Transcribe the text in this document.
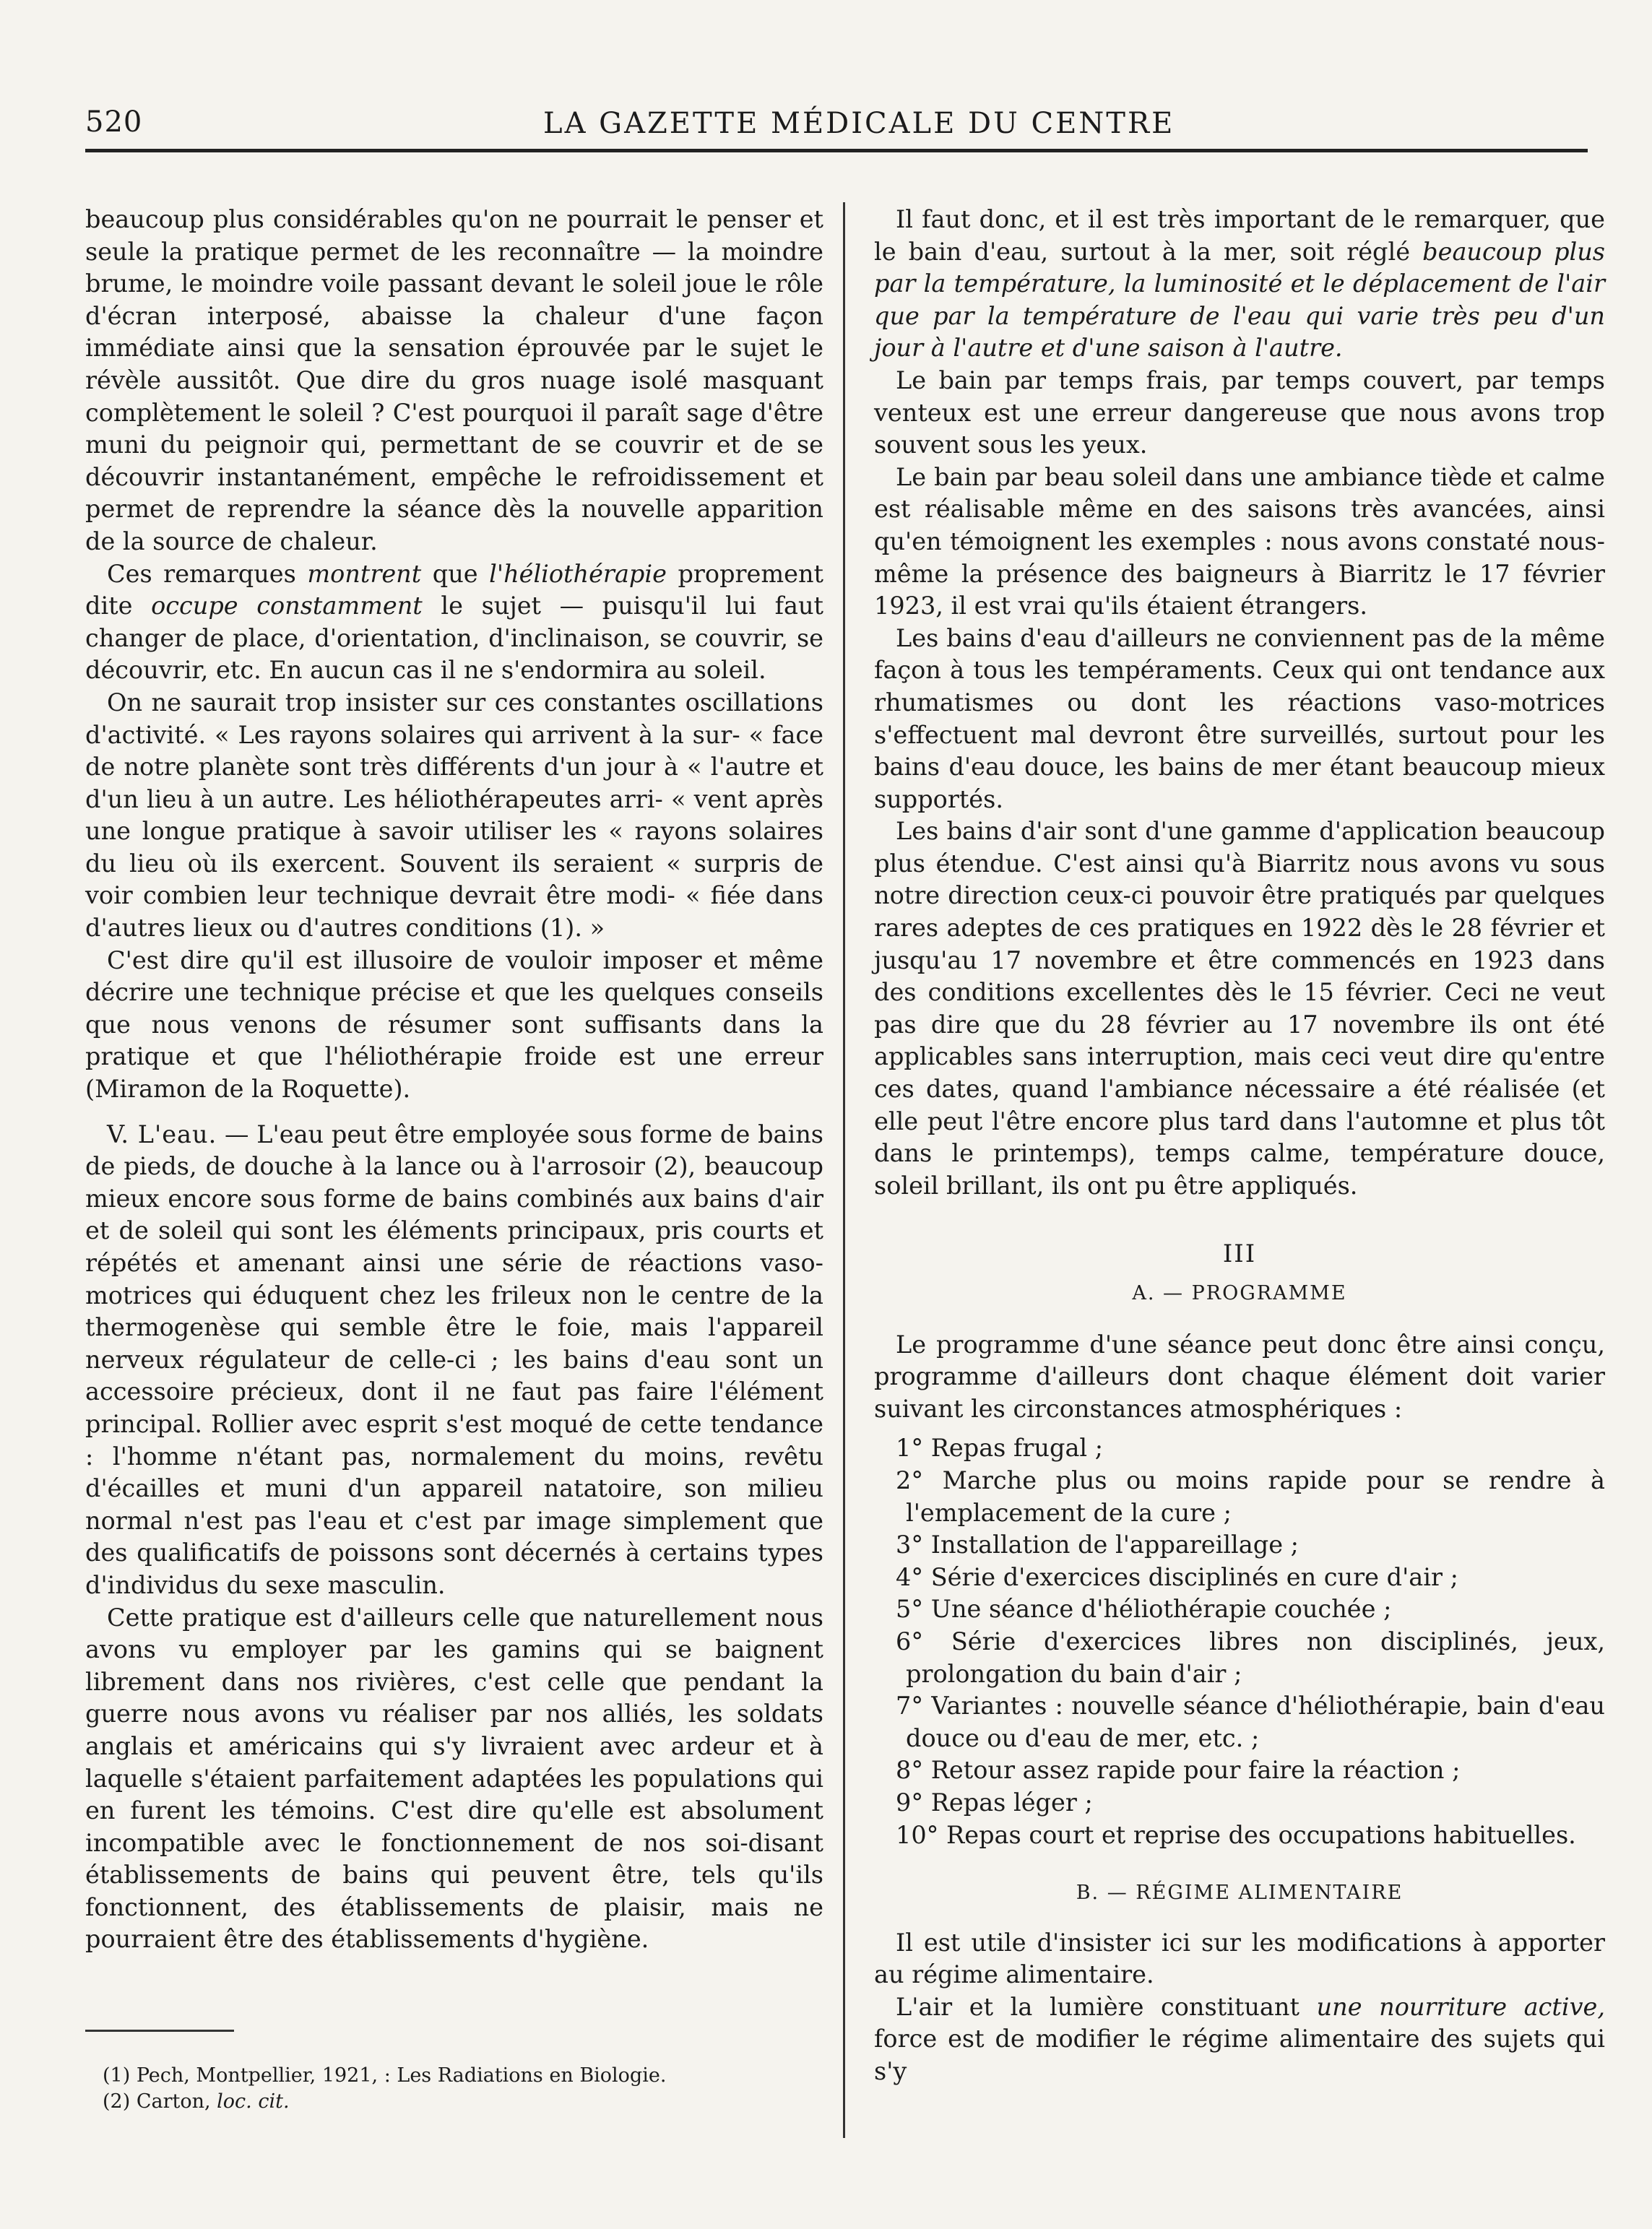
520	LA GAZETTE MÉDICALE DU CENTRE

beaucoup plus considérables qu'on ne pourrait le penser et seule la pratique permet de les reconnaître — la moindre brume, le moindre voile passant devant le soleil joue le rôle d'écran interposé, abaisse la chaleur d'une façon immédiate ainsi que la sensation éprouvée par le sujet le révèle aussitôt. Que dire du gros nuage isolé masquant complètement le soleil ? C'est pourquoi il paraît sage d'être muni du peignoir qui, permettant de se couvrir et de se découvrir instantanément, empêche le refroidissement et permet de reprendre la séance dès la nouvelle apparition de la source de chaleur.

Ces remarques montrent que l'héliothérapie proprement dite occupe constamment le sujet — puisqu'il lui faut changer de place, d'orientation, d'inclinaison, se couvrir, se découvrir, etc. En aucun cas il ne s'endormira au soleil.

On ne saurait trop insister sur ces constantes oscillations d'activité. « Les rayons solaires qui arrivent à la sur- « face de notre planète sont très différents d'un jour à « l'autre et d'un lieu à un autre. Les héliothérapeutes arri- « vent après une longue pratique à savoir utiliser les « rayons solaires du lieu où ils exercent. Souvent ils seraient « surpris de voir combien leur technique devrait être modi- « fiée dans d'autres lieux ou d'autres conditions (1). »

C'est dire qu'il est illusoire de vouloir imposer et même décrire une technique précise et que les quelques conseils que nous venons de résumer sont suffisants dans la pratique et que l'héliothérapie froide est une erreur (Miramon de la Roquette).

V. L'eau. — L'eau peut être employée sous forme de bains de pieds, de douche à la lance ou à l'arrosoir (2), beaucoup mieux encore sous forme de bains combinés aux bains d'air et de soleil qui sont les éléments principaux, pris courts et répétés et amenant ainsi une série de réactions vaso-motrices qui éduquent chez les frileux non le centre de la thermogenèse qui semble être le foie, mais l'appareil nerveux régulateur de celle-ci ; les bains d'eau sont un accessoire précieux, dont il ne faut pas faire l'élément principal. Rollier avec esprit s'est moqué de cette tendance : l'homme n'étant pas, normalement du moins, revêtu d'écailles et muni d'un appareil natatoire, son milieu normal n'est pas l'eau et c'est par image simplement que des qualificatifs de poissons sont décernés à certains types d'individus du sexe masculin.

Cette pratique est d'ailleurs celle que naturellement nous avons vu employer par les gamins qui se baignent librement dans nos rivières, c'est celle que pendant la guerre nous avons vu réaliser par nos alliés, les soldats anglais et américains qui s'y livraient avec ardeur et à laquelle s'étaient parfaitement adaptées les populations qui en furent les témoins. C'est dire qu'elle est absolument incompatible avec le fonctionnement de nos soi-disant établissements de bains qui peuvent être, tels qu'ils fonctionnent, des établissements de plaisir, mais ne pourraient être des établissements d'hygiène.

(1) Pech, Montpellier, 1921, : Les Radiations en Biologie.

(2) Carton, loc. cit.

Il faut donc, et il est très important de le remarquer, que le bain d'eau, surtout à la mer, soit réglé beaucoup plus par la température, la luminosité et le déplacement de l'air que par la température de l'eau qui varie très peu d'un jour à l'autre et d'une saison à l'autre.

Le bain par temps frais, par temps couvert, par temps venteux est une erreur dangereuse que nous avons trop souvent sous les yeux.

Le bain par beau soleil dans une ambiance tiède et calme est réalisable même en des saisons très avancées, ainsi qu'en témoignent les exemples : nous avons constaté nous-même la présence des baigneurs à Biarritz le 17 février 1923, il est vrai qu'ils étaient étrangers.

Les bains d'eau d'ailleurs ne conviennent pas de la même façon à tous les tempéraments. Ceux qui ont tendance aux rhumatismes ou dont les réactions vaso-motrices s'effectuent mal devront être surveillés, surtout pour les bains d'eau douce, les bains de mer étant beaucoup mieux supportés.

Les bains d'air sont d'une gamme d'application beaucoup plus étendue. C'est ainsi qu'à Biarritz nous avons vu sous notre direction ceux-ci pouvoir être pratiqués par quelques rares adeptes de ces pratiques en 1922 dès le 28 février et jusqu'au 17 novembre et être commencés en 1923 dans des conditions excellentes dès le 15 février. Ceci ne veut pas dire que du 28 février au 17 novembre ils ont été applicables sans interruption, mais ceci veut dire qu'entre ces dates, quand l'ambiance nécessaire a été réalisée (et elle peut l'être encore plus tard dans l'automne et plus tôt dans le printemps), temps calme, température douce, soleil brillant, ils ont pu être appliqués.

III
A. — PROGRAMME

Le programme d'une séance peut donc être ainsi conçu, programme d'ailleurs dont chaque élément doit varier suivant les circonstances atmosphériques :

1° Repas frugal ;
2° Marche plus ou moins rapide pour se rendre à l'emplacement de la cure ;
3° Installation de l'appareillage ;
4° Série d'exercices disciplinés en cure d'air ;
5° Une séance d'héliothérapie couchée ;
6° Série d'exercices libres non disciplinés, jeux, prolongation du bain d'air ;
7° Variantes : nouvelle séance d'héliothérapie, bain d'eau douce ou d'eau de mer, etc. ;
8° Retour assez rapide pour faire la réaction ;
9° Repas léger ;
10° Repas court et reprise des occupations habituelles.
B. — RÉGIME ALIMENTAIRE

Il est utile d'insister ici sur les modifications à apporter au régime alimentaire.

L'air et la lumière constituant une nourriture active, force est de modifier le régime alimentaire des sujets qui s'y
